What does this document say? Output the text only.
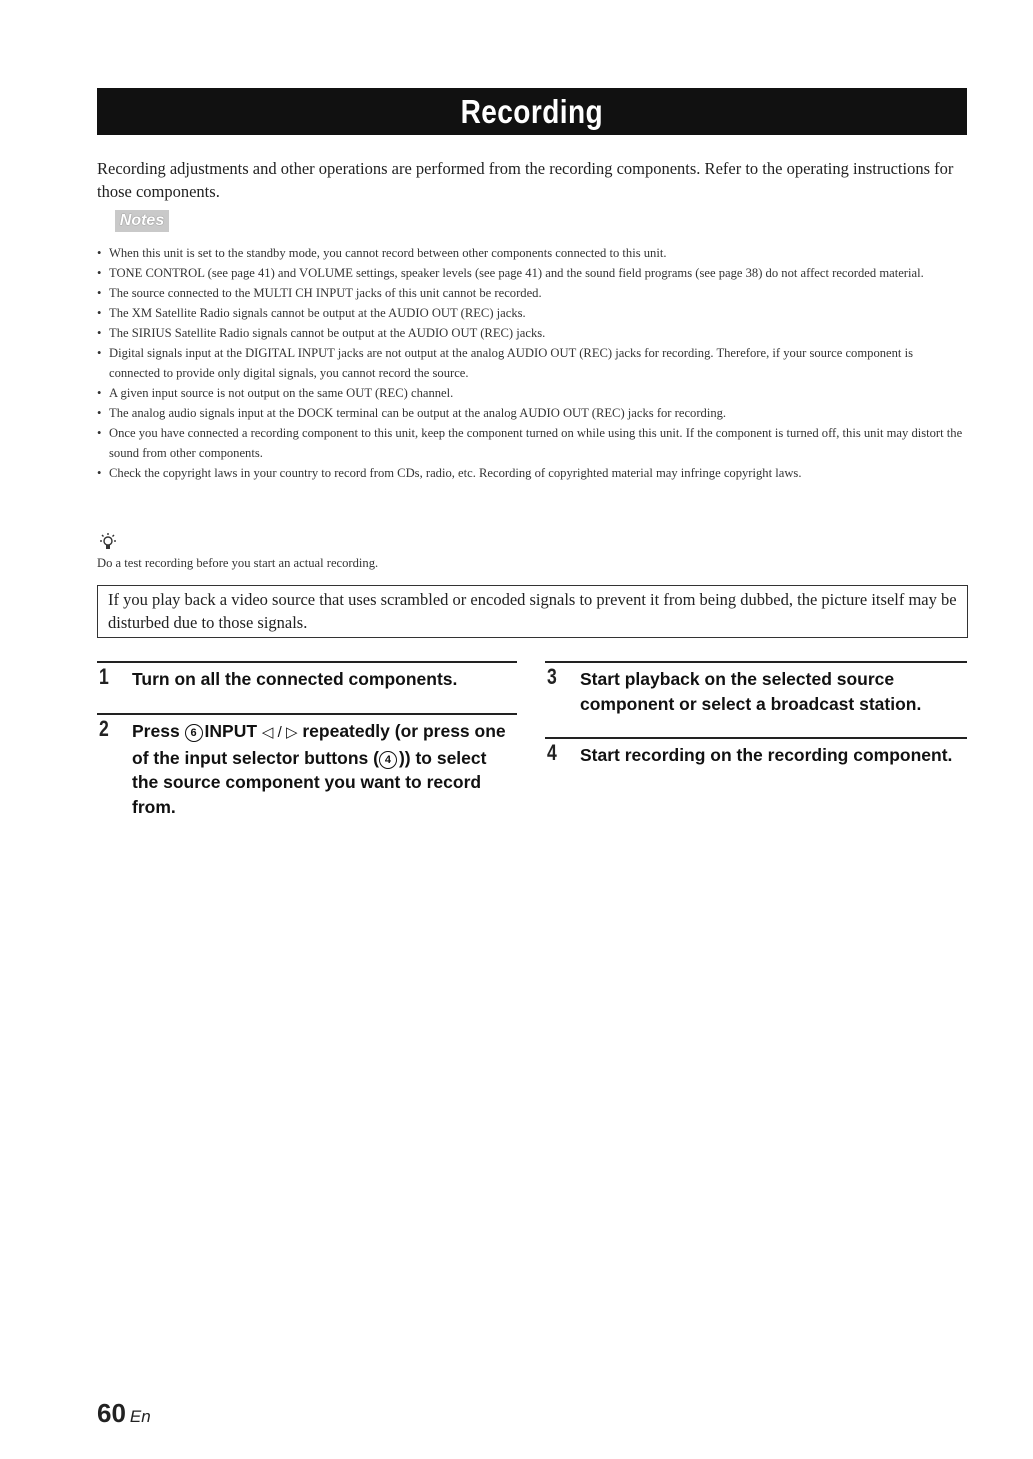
Recording
Recording adjustments and other operations are performed from the recording components. Refer to the operating instructions for those components.
Notes
• When this unit is set to the standby mode, you cannot record between other components connected to this unit.
• TONE CONTROL (see page 41) and VOLUME settings, speaker levels (see page 41) and the sound field programs (see page 38) do not affect recorded material.
• The source connected to the MULTI CH INPUT jacks of this unit cannot be recorded.
• The XM Satellite Radio signals cannot be output at the AUDIO OUT (REC) jacks.
• The SIRIUS Satellite Radio signals cannot be output at the AUDIO OUT (REC) jacks.
• Digital signals input at the DIGITAL INPUT jacks are not output at the analog AUDIO OUT (REC) jacks for recording. Therefore, if your source component is connected to provide only digital signals, you cannot record the source.
• A given input source is not output on the same OUT (REC) channel.
• The analog audio signals input at the DOCK terminal can be output at the analog AUDIO OUT (REC) jacks for recording.
• Once you have connected a recording component to this unit, keep the component turned on while using this unit. If the component is turned off, this unit may distort the sound from other components.
• Check the copyright laws in your country to record from CDs, radio, etc. Recording of copyrighted material may infringe copyright laws.
Do a test recording before you start an actual recording.
If you play back a video source that uses scrambled or encoded signals to prevent it from being dubbed, the picture itself may be disturbed due to those signals.
1 Turn on all the connected components.
2 Press 6 INPUT ◁ / ▷ repeatedly (or press one of the input selector buttons ( 4 )) to select the source component you want to record from.
3 Start playback on the selected source component or select a broadcast station.
4 Start recording on the recording component.
60 En
